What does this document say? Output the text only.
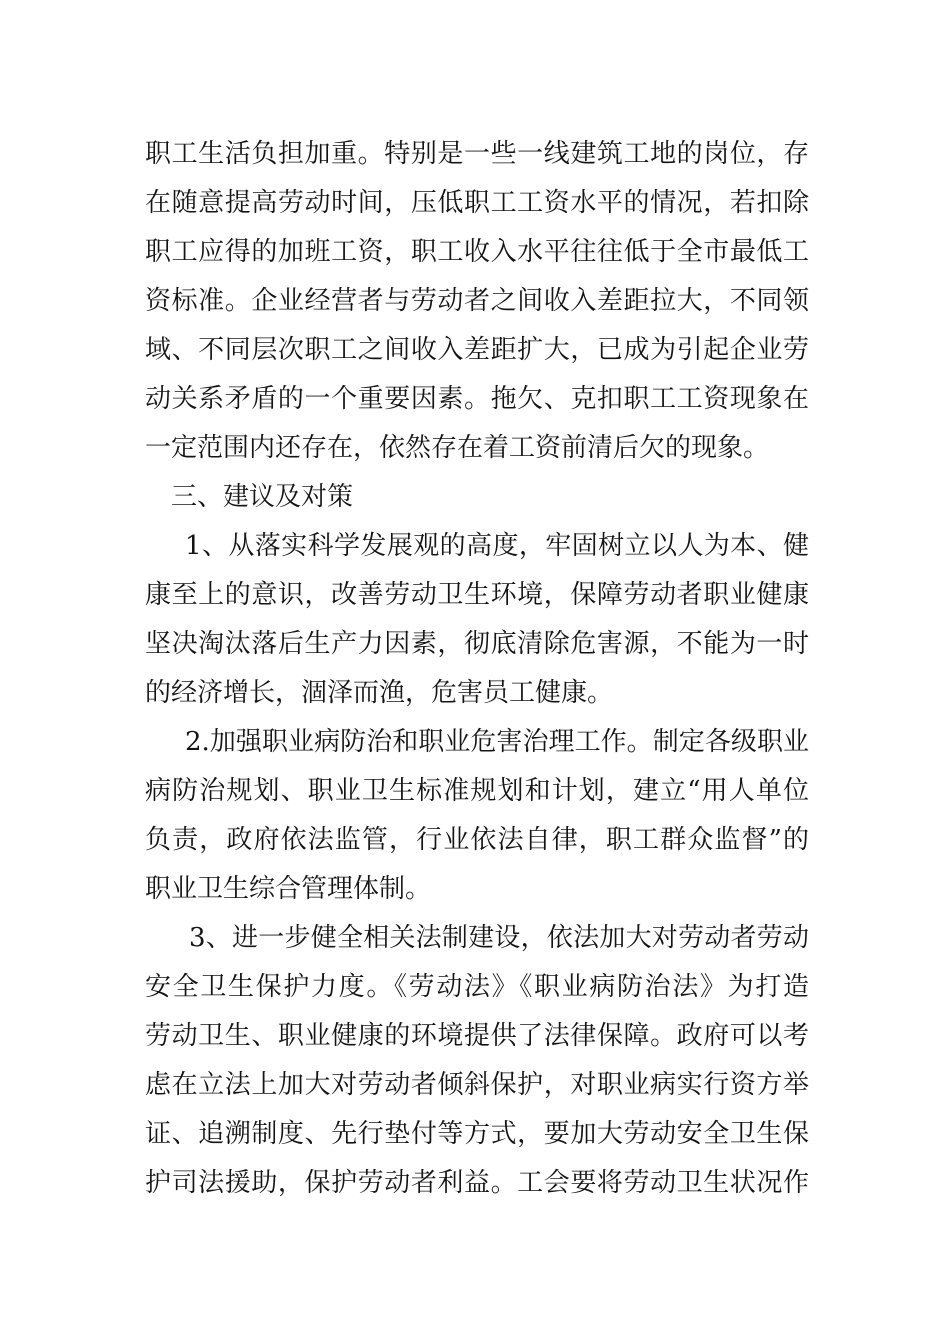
职工生活负担加重。特别是一些一线建筑工地的岗位，存
在随意提高劳动时间，压低职工工资水平的情况，若扣除
职工应得的加班工资，职工收入水平往往低于全市最低工
资标准。企业经营者与劳动者之间收入差距拉大，不同领
域、不同层次职工之间收入差距扩大，已成为引起企业劳
动关系矛盾的一个重要因素。拖欠、克扣职工工资现象在
一定范围内还存在，依然存在着工资前清后欠的现象。
三、建议及对策
1、从落实科学发展观的高度，牢固树立以人为本、健
康至上的意识，改善劳动卫生环境，保障劳动者职业健康
坚决淘汰落后生产力因素，彻底清除危害源，不能为一时
的经济增长，涸泽而渔，危害员工健康。
2.加强职业病防治和职业危害治理工作。制定各级职业
病防治规划、职业卫生标准规划和计划，建立“用人单位
负责，政府依法监管，行业依法自律，职工群众监督”的
职业卫生综合管理体制。
3、进一步健全相关法制建设，依法加大对劳动者劳动
安全卫生保护力度。《劳动法》《职业病防治法》为打造
劳动卫生、职业健康的环境提供了法律保障。政府可以考
虑在立法上加大对劳动者倾斜保护，对职业病实行资方举
证、追溯制度、先行垫付等方式，要加大劳动安全卫生保
护司法援助，保护劳动者利益。工会要将劳动卫生状况作
